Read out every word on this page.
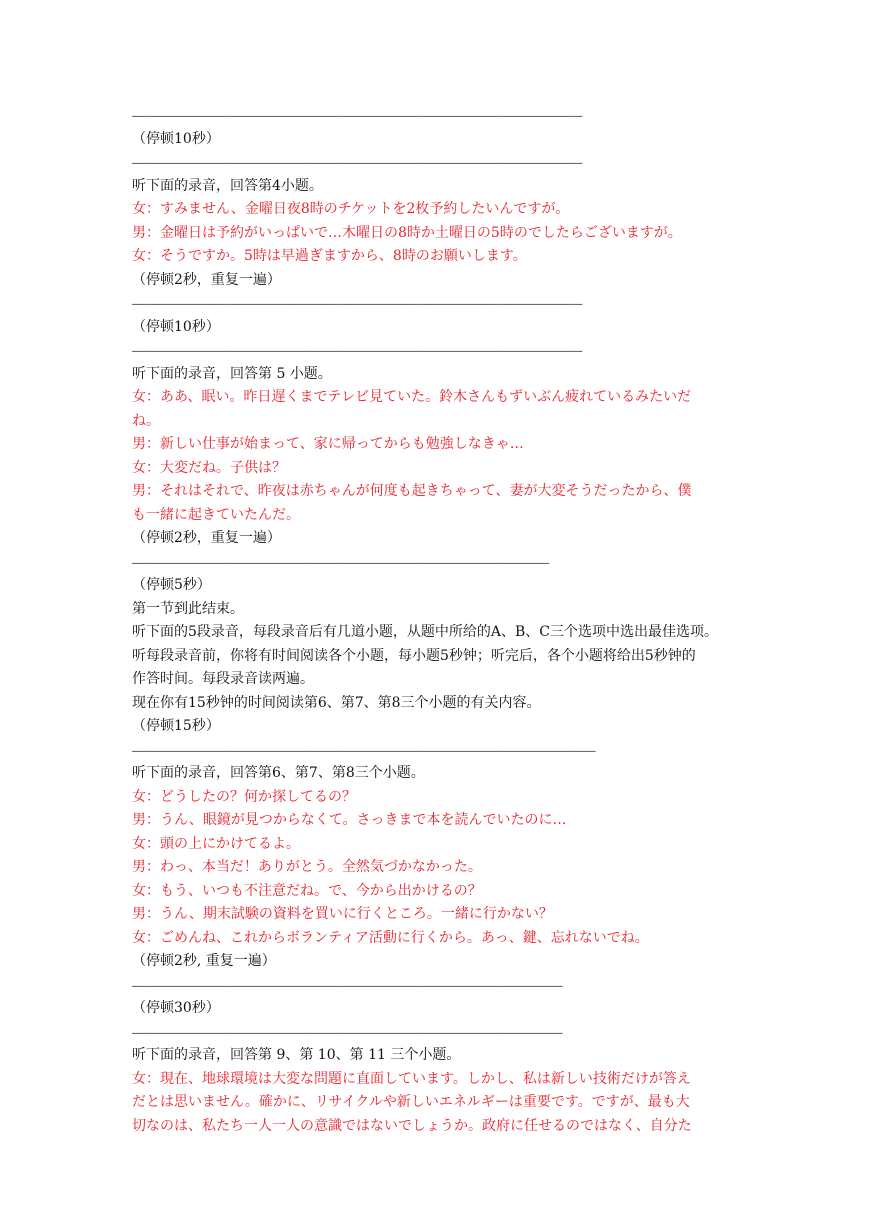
————————————————————————————————————————————————————————————————————
（停顿10秒）
————————————————————————————————————————————————————————————————————
听下面的录音，回答第4小题。
女：すみません、金曜日夜8時のチケットを2枚予約したいんですが。
男：金曜日は予約がいっぱいで…木曜日の8時か土曜日の5時のでしたらございますが。
女：そうですか。5時は早過ぎますから、8時のお願いします。
（停顿2秒，重复一遍）
————————————————————————————————————————————————————————————————————
（停顿10秒）
————————————————————————————————————————————————————————————————————
听下面的录音，回答第 5 小题。
女：ああ、眠い。昨日遅くまでテレビ見ていた。鈴木さんもずいぶん疲れているみたいだ
ね。
男：新しい仕事が始まって、家に帰ってからも勉強しなきゃ…
女：大変だね。子供は？
男：それはそれで、昨夜は赤ちゃんが何度も起きちゃって、妻が大変そうだったから、僕
も一緒に起きていたんだ。
（停顿2秒，重复一遍）
———————————————————————————————————————————————————————————————
（停顿5秒）
第一节到此结束。
听下面的5段录音，每段录音后有几道小题，从题中所给的A、B、C三个选项中选出最佳选项。
听每段录音前，你将有时间阅读各个小题，每小题5秒钟；听完后，各个小题将给出5秒钟的
作答时间。每段录音读两遍。
现在你有15秒钟的时间阅读第6、第7、第8三个小题的有关内容。
（停顿15秒）
——————————————————————————————————————————————————————————————————————
听下面的录音，回答第6、第7、第8三个小题。
女：どうしたの？何か探してるの？
男：うん、眼鏡が見つからなくて。さっきまで本を読んでいたのに…
女：頭の上にかけてるよ。
男：わっ、本当だ！ありがとう。全然気づかなかった。
女：もう、いつも不注意だね。で、今から出かけるの？
男：うん、期末試験の資料を買いに行くところ。一緒に行かない？
女：ごめんね、これからボランティア活動に行くから。あっ、鍵、忘れないでね。
（停顿2秒, 重复一遍）
—————————————————————————————————————————————————————————————————
（停顿30秒）
—————————————————————————————————————————————————————————————————
听下面的录音，回答第 9、第 10、第 11 三个小题。
女：現在、地球環境は大変な問題に直面しています。しかし、私は新しい技術だけが答え
だとは思いません。確かに、リサイクルや新しいエネルギーは重要です。ですが、最も大
切なのは、私たち一人一人の意識ではないでしょうか。政府に任せるのではなく、自分た
